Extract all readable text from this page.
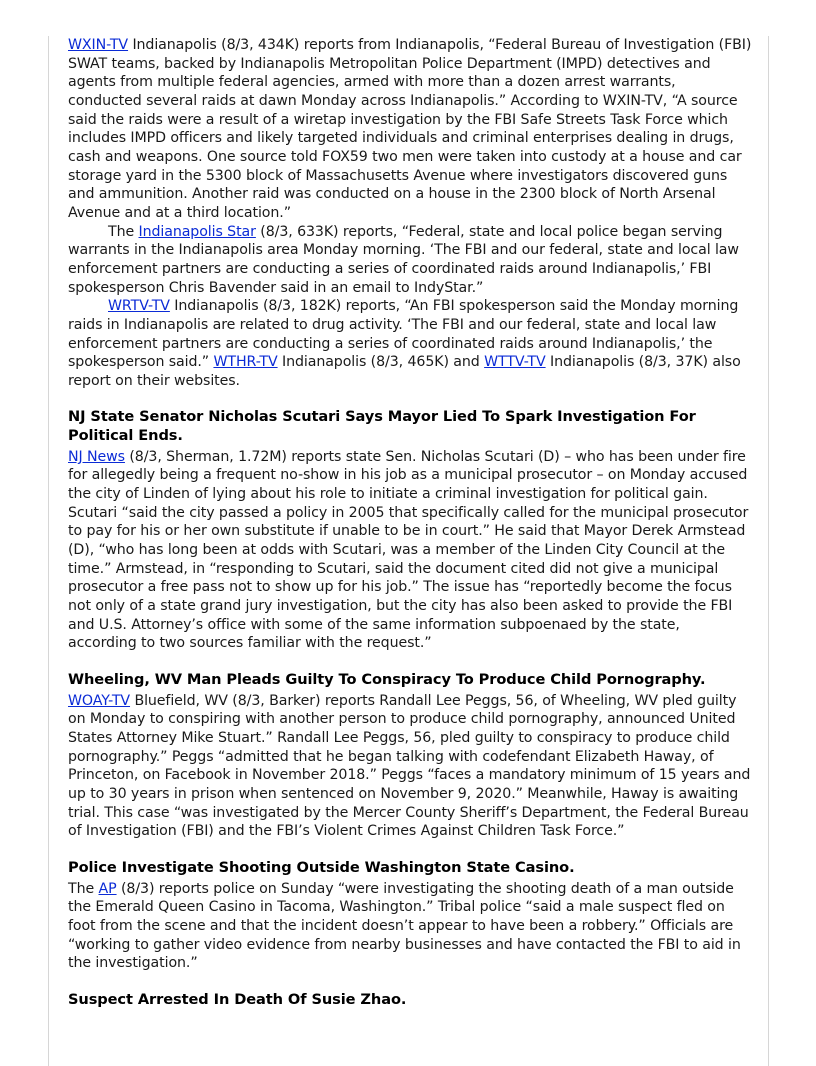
WXIN-TV Indianapolis (8/3, 434K) reports from Indianapolis, “Federal Bureau of Investigation (FBI) SWAT teams, backed by Indianapolis Metropolitan Police Department (IMPD) detectives and agents from multiple federal agencies, armed with more than a dozen arrest warrants, conducted several raids at dawn Monday across Indianapolis.” According to WXIN-TV, “A source said the raids were a result of a wiretap investigation by the FBI Safe Streets Task Force which includes IMPD officers and likely targeted individuals and criminal enterprises dealing in drugs, cash and weapons. One source told FOX59 two men were taken into custody at a house and car storage yard in the 5300 block of Massachusetts Avenue where investigators discovered guns and ammunition. Another raid was conducted on a house in the 2300 block of North Arsenal Avenue and at a third location.”

The Indianapolis Star (8/3, 633K) reports, “Federal, state and local police began serving warrants in the Indianapolis area Monday morning. ‘The FBI and our federal, state and local law enforcement partners are conducting a series of coordinated raids around Indianapolis,’ FBI spokesperson Chris Bavender said in an email to IndyStar.”

WRTV-TV Indianapolis (8/3, 182K) reports, “An FBI spokesperson said the Monday morning raids in Indianapolis are related to drug activity. ‘The FBI and our federal, state and local law enforcement partners are conducting a series of coordinated raids around Indianapolis,’ the spokesperson said.” WTHR-TV Indianapolis (8/3, 465K) and WTTV-TV Indianapolis (8/3, 37K) also report on their websites.

NJ State Senator Nicholas Scutari Says Mayor Lied To Spark Investigation For Political Ends.

NJ News (8/3, Sherman, 1.72M) reports state Sen. Nicholas Scutari (D) – who has been under fire for allegedly being a frequent no-show in his job as a municipal prosecutor – on Monday accused the city of Linden of lying about his role to initiate a criminal investigation for political gain. Scutari “said the city passed a policy in 2005 that specifically called for the municipal prosecutor to pay for his or her own substitute if unable to be in court.” He said that Mayor Derek Armstead (D), “who has long been at odds with Scutari, was a member of the Linden City Council at the time.” Armstead, in “responding to Scutari, said the document cited did not give a municipal prosecutor a free pass not to show up for his job.” The issue has “reportedly become the focus not only of a state grand jury investigation, but the city has also been asked to provide the FBI and U.S. Attorney’s office with some of the same information subpoenaed by the state, according to two sources familiar with the request.”

Wheeling, WV Man Pleads Guilty To Conspiracy To Produce Child Pornography.

WOAY-TV Bluefield, WV (8/3, Barker) reports Randall Lee Peggs, 56, of Wheeling, WV pled guilty on Monday to conspiring with another person to produce child pornography, announced United States Attorney Mike Stuart.” Randall Lee Peggs, 56, pled guilty to conspiracy to produce child pornography.” Peggs “admitted that he began talking with codefendant Elizabeth Haway, of Princeton, on Facebook in November 2018.” Peggs “faces a mandatory minimum of 15 years and up to 30 years in prison when sentenced on November 9, 2020.” Meanwhile, Haway is awaiting trial. This case “was investigated by the Mercer County Sheriff’s Department, the Federal Bureau of Investigation (FBI) and the FBI’s Violent Crimes Against Children Task Force.”

Police Investigate Shooting Outside Washington State Casino.

The AP (8/3) reports police on Sunday “were investigating the shooting death of a man outside the Emerald Queen Casino in Tacoma, Washington.” Tribal police “said a male suspect fled on foot from the scene and that the incident doesn’t appear to have been a robbery.” Officials are “working to gather video evidence from nearby businesses and have contacted the FBI to aid in the investigation.”

Suspect Arrested In Death Of Susie Zhao.
